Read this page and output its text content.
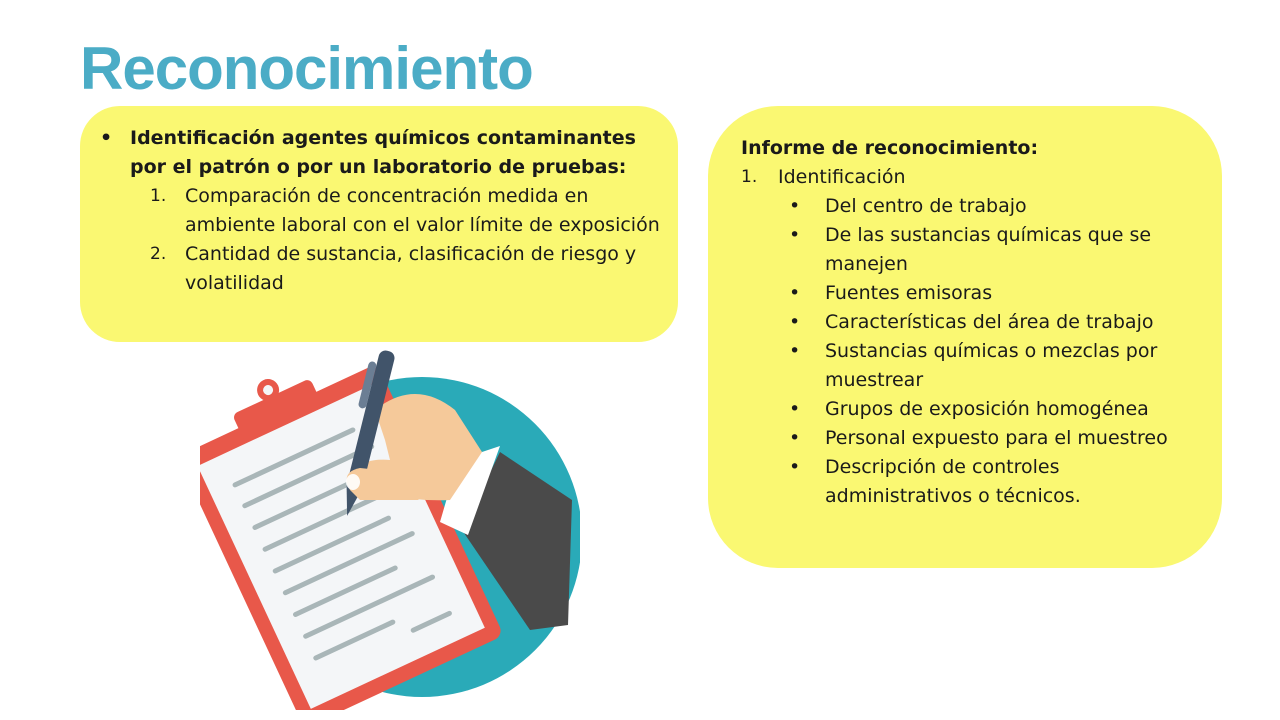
Reconocimiento
• Identificación agentes químicos contaminantes por el patrón o por un laboratorio de pruebas:
1. Comparación de concentración medida en ambiente laboral con el valor límite de exposición
2. Cantidad de sustancia, clasificación de riesgo y volatilidad
Informe de reconocimiento:
1. Identificación
• Del centro de trabajo
• De las sustancias químicas que se manejen
• Fuentes emisoras
• Características del área de trabajo
• Sustancias químicas o mezclas por muestrear
• Grupos de exposición homogénea
• Personal expuesto para el muestreo
• Descripción de controles administrativos o técnicos.
